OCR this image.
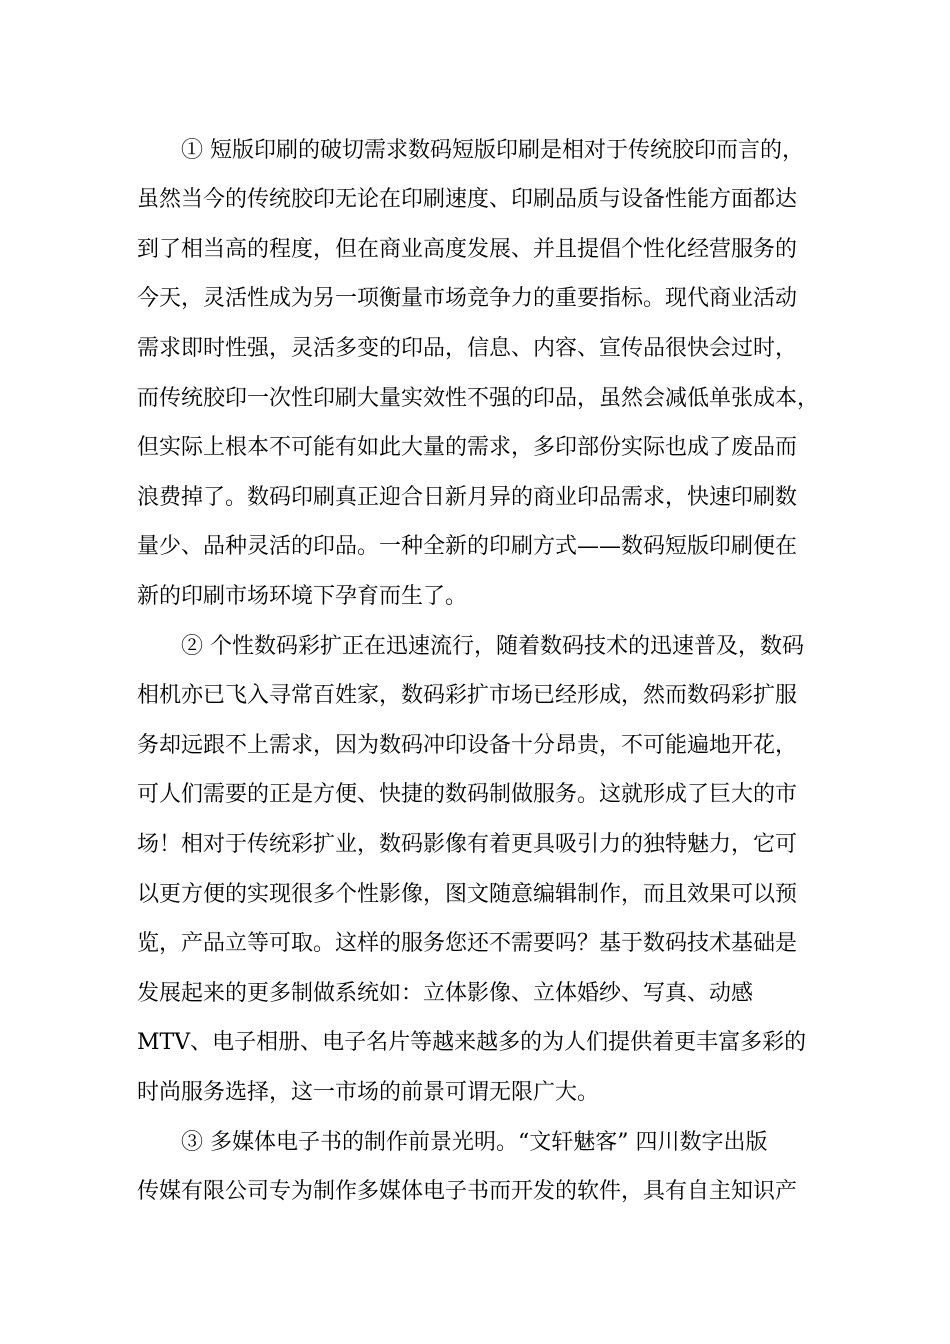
① 短版印刷的破切需求数码短版印刷是相对于传统胶印而言的，
虽然当今的传统胶印无论在印刷速度、印刷品质与设备性能方面都达
到了相当高的程度，但在商业高度发展、并且提倡个性化经营服务的
今天，灵活性成为另一项衡量市场竞争力的重要指标。现代商业活动
需求即时性强，灵活多变的印品，信息、内容、宣传品很快会过时，
而传统胶印一次性印刷大量实效性不强的印品，虽然会减低单张成本，
但实际上根本不可能有如此大量的需求，多印部份实际也成了废品而
浪费掉了。数码印刷真正迎合日新月异的商业印品需求，快速印刷数
量少、品种灵活的印品。一种全新的印刷方式——数码短版印刷便在
新的印刷市场环境下孕育而生了。
② 个性数码彩扩正在迅速流行，随着数码技术的迅速普及，数码
相机亦已飞入寻常百姓家，数码彩扩市场已经形成，然而数码彩扩服
务却远跟不上需求，因为数码冲印设备十分昂贵，不可能遍地开花，
可人们需要的正是方便、快捷的数码制做服务。这就形成了巨大的市
场！相对于传统彩扩业，数码影像有着更具吸引力的独特魅力，它可
以更方便的实现很多个性影像，图文随意编辑制作，而且效果可以预
览，产品立等可取。这样的服务您还不需要吗？基于数码技术基础是
发展起来的更多制做系统如：立体影像、立体婚纱、写真、动感
MTV、电子相册、电子名片等越来越多的为人们提供着更丰富多彩的
时尚服务选择，这一市场的前景可谓无限广大。
③ 多媒体电子书的制作前景光明。“文轩魅客” 四川数字出版
传媒有限公司专为制作多媒体电子书而开发的软件，具有自主知识产
